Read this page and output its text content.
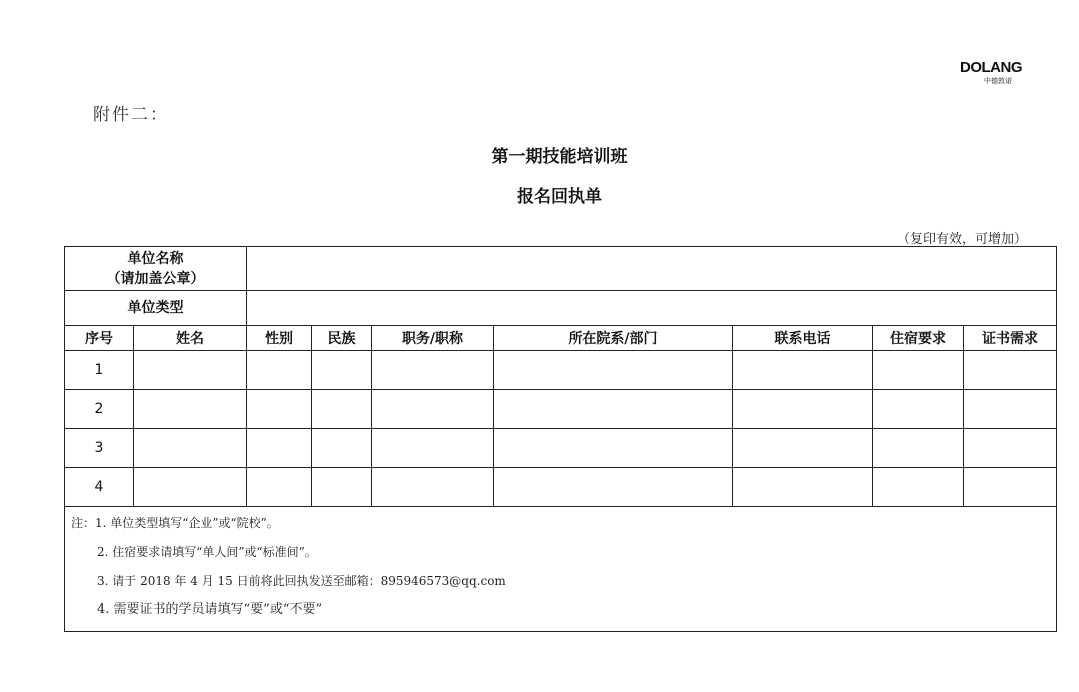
DOLANG
中德敦诺
附件二：
第一期技能培训班
报名回执单
（复印有效，可增加）
单位名称
（请加盖公章）								

单位类型								
序号	姓名	性别	民族	职务/职称	所在院系/部门	联系电话	住宿要求	证书需求
1								
2								
3								
4								

注：1. 单位类型填写“企业”或“院校”。
2. 住宿要求请填写“单人间”或“标准间”。
3. 请于 2018 年 4 月 15 日前将此回执发送至邮箱：895946573@qq.com
4. 需要证书的学员请填写“要”或“不要”								
